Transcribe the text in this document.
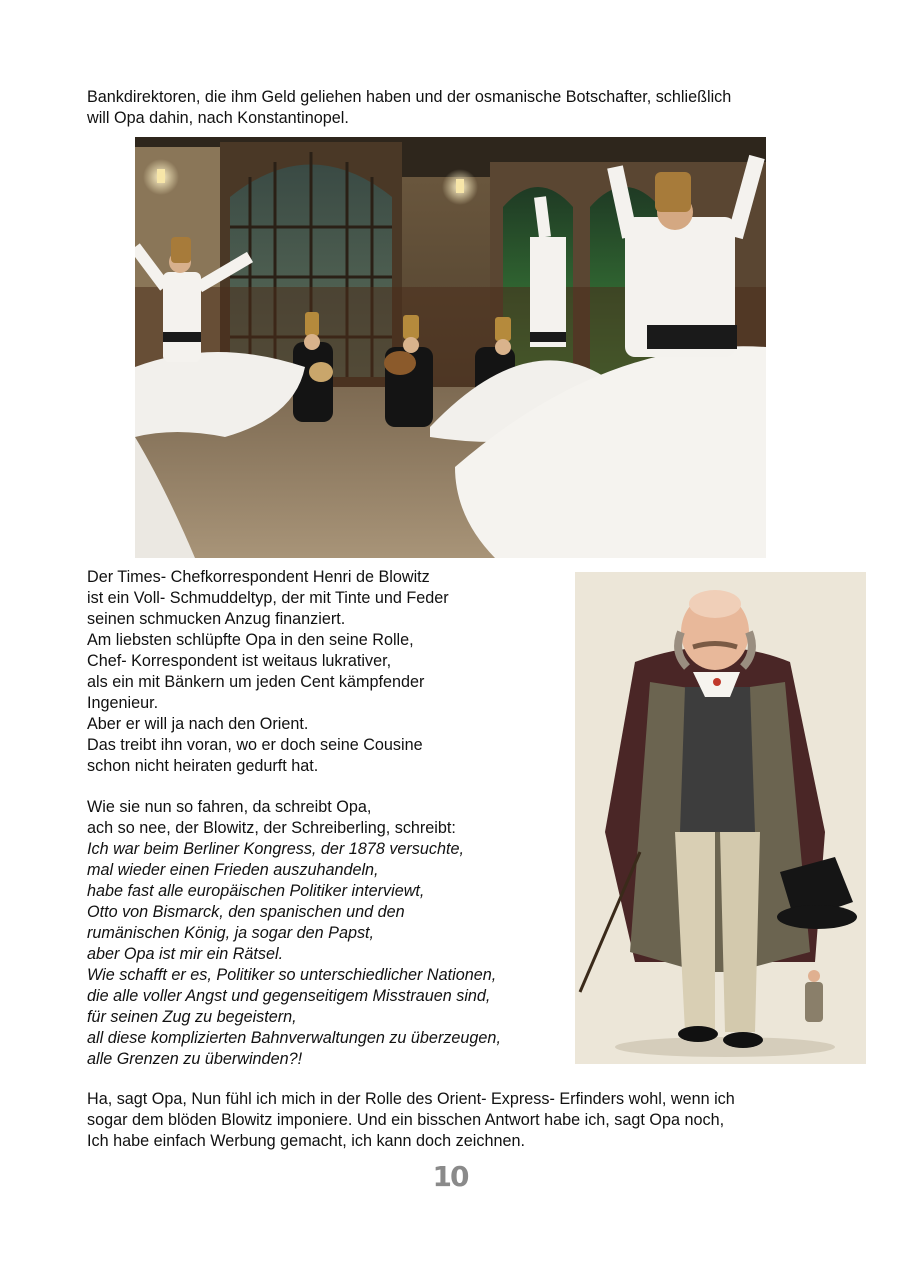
Bankdirektoren, die ihm Geld geliehen haben und der osmanische Botschafter, schließlich
will Opa dahin, nach Konstantinopel.
Der Times- Chefkorrespondent Henri de Blowitz
ist ein Voll- Schmuddeltyp, der mit Tinte und Feder
seinen schmucken Anzug finanziert.
Am liebsten schlüpfte Opa in den seine Rolle,
Chef- Korrespondent ist weitaus lukrativer,
als ein mit Bänkern um jeden Cent kämpfender
Ingenieur.
Aber er will ja nach den Orient.
Das treibt ihn voran, wo er doch seine Cousine
schon nicht heiraten gedurft hat.
Wie sie nun so fahren, da schreibt Opa,
ach so nee, der Blowitz, der Schreiberling, schreibt:
Ich war beim Berliner Kongress, der 1878 versuchte,
mal wieder einen Frieden auszuhandeln,
habe fast alle europäischen Politiker interviewt,
Otto von Bismarck, den spanischen und den
rumänischen König, ja sogar den Papst,
aber Opa ist mir ein Rätsel.
Wie schafft er es, Politiker so unterschiedlicher Nationen,
die alle voller Angst und gegenseitigem Misstrauen sind,
für seinen Zug zu begeistern,
all diese komplizierten Bahnverwaltungen zu überzeugen,
alle Grenzen zu überwinden?!
Ha, sagt Opa, Nun fühl ich mich in der Rolle des Orient- Express- Erfinders wohl, wenn ich
sogar dem blöden Blowitz imponiere. Und ein bisschen Antwort habe ich, sagt Opa noch,
Ich habe einfach Werbung gemacht, ich kann doch zeichnen.
10
